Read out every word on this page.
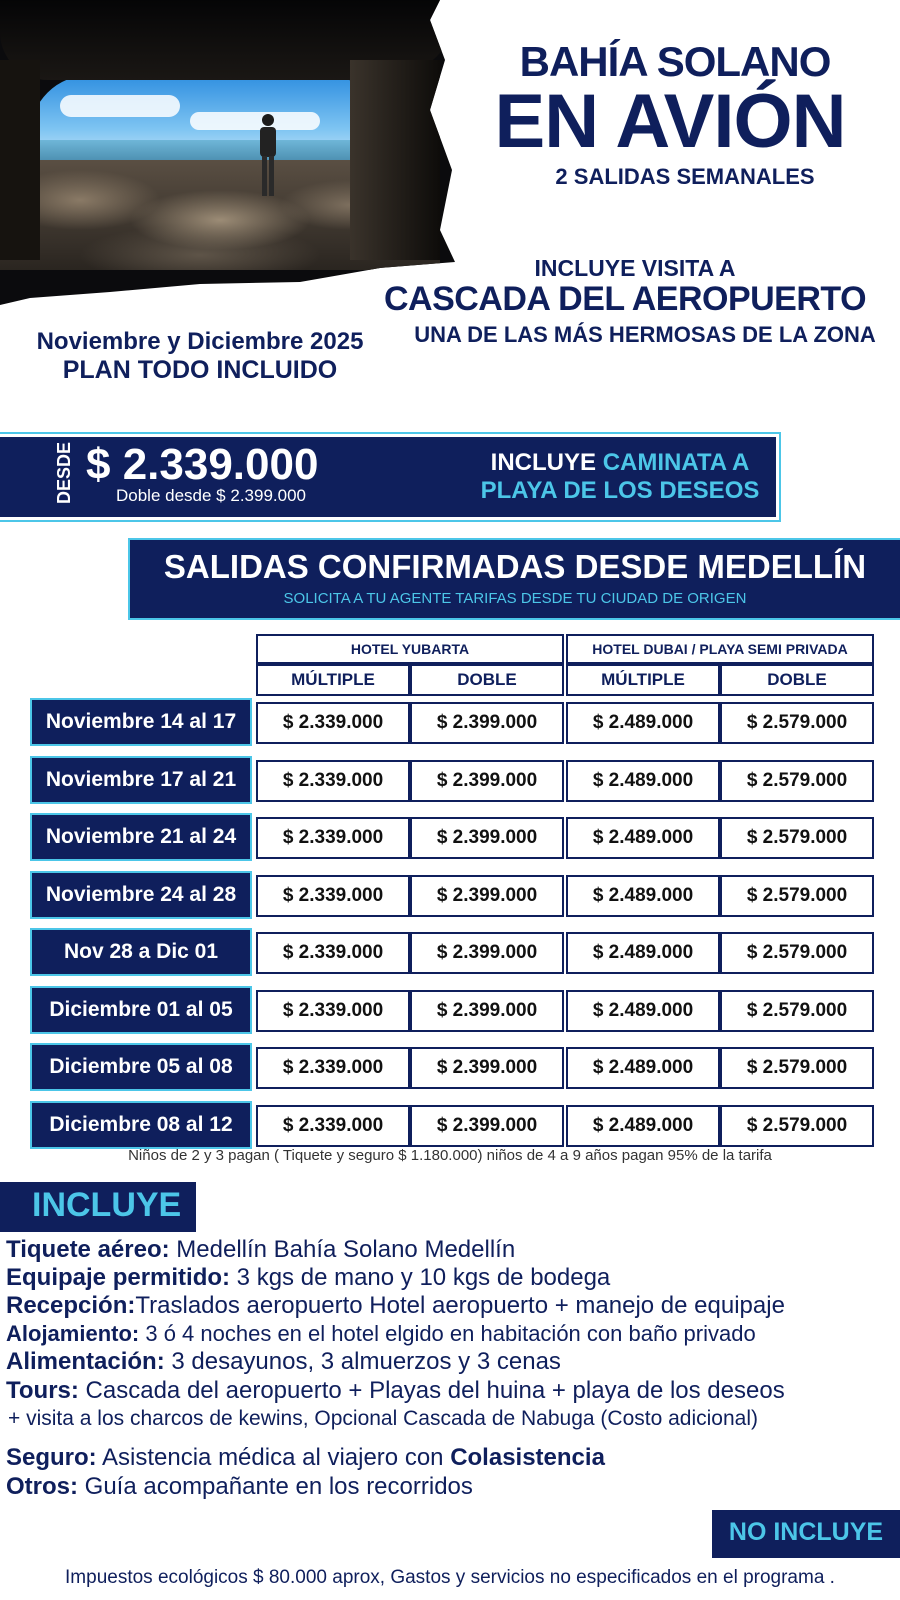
BAHÍA SOLANO
EN AVIÓN
2 SALIDAS SEMANALES
INCLUYE VISITA A
CASCADA DEL AEROPUERTO
UNA DE LAS MÁS HERMOSAS DE LA ZONA
Noviembre y Diciembre 2025
PLAN TODO INCLUIDO
DESDE $ 2.339.000
Doble desde $ 2.399.000
INCLUYE CAMINATA A
PLAYA DE LOS DESEOS
SALIDAS CONFIRMADAS DESDE MEDELLÍN
SOLICITA A TU AGENTE TARIFAS DESDE TU CIUDAD DE ORIGEN
HOTEL YUBARTA	HOTEL DUBAI / PLAYA SEMI PRIVADA
MÚLTIPLE	DOBLE	MÚLTIPLE	DOBLE
Noviembre 14 al 17	$ 2.339.000	$ 2.399.000	$ 2.489.000	$ 2.579.000
Noviembre 17 al 21	$ 2.339.000	$ 2.399.000	$ 2.489.000	$ 2.579.000
Noviembre 21 al 24	$ 2.339.000	$ 2.399.000	$ 2.489.000	$ 2.579.000
Noviembre 24 al 28	$ 2.339.000	$ 2.399.000	$ 2.489.000	$ 2.579.000
Nov 28 a Dic 01	$ 2.339.000	$ 2.399.000	$ 2.489.000	$ 2.579.000
Diciembre 01 al 05	$ 2.339.000	$ 2.399.000	$ 2.489.000	$ 2.579.000
Diciembre 05 al 08	$ 2.339.000	$ 2.399.000	$ 2.489.000	$ 2.579.000
Diciembre 08 al 12	$ 2.339.000	$ 2.399.000	$ 2.489.000	$ 2.579.000
Niños de 2 y 3 pagan ( Tiquete y seguro $ 1.180.000) niños de 4 a 9 años pagan 95% de la tarifa
INCLUYE
Tiquete aéreo: Medellín Bahía Solano Medellín
Equipaje permitido: 3 kgs de mano y 10 kgs de bodega
Recepción:Traslados aeropuerto Hotel aeropuerto + manejo de equipaje
Alojamiento: 3 ó 4 noches en el hotel elgido en habitación con baño privado
Alimentación: 3 desayunos, 3 almuerzos y 3 cenas
Tours: Cascada del aeropuerto + Playas del huina + playa de los deseos
+ visita a los charcos de kewins, Opcional Cascada de Nabuga (Costo adicional)
Seguro: Asistencia médica al viajero con Colasistencia
Otros: Guía acompañante en los recorridos
NO INCLUYE
Impuestos ecológicos $ 80.000 aprox, Gastos y servicios no especificados en el programa .
